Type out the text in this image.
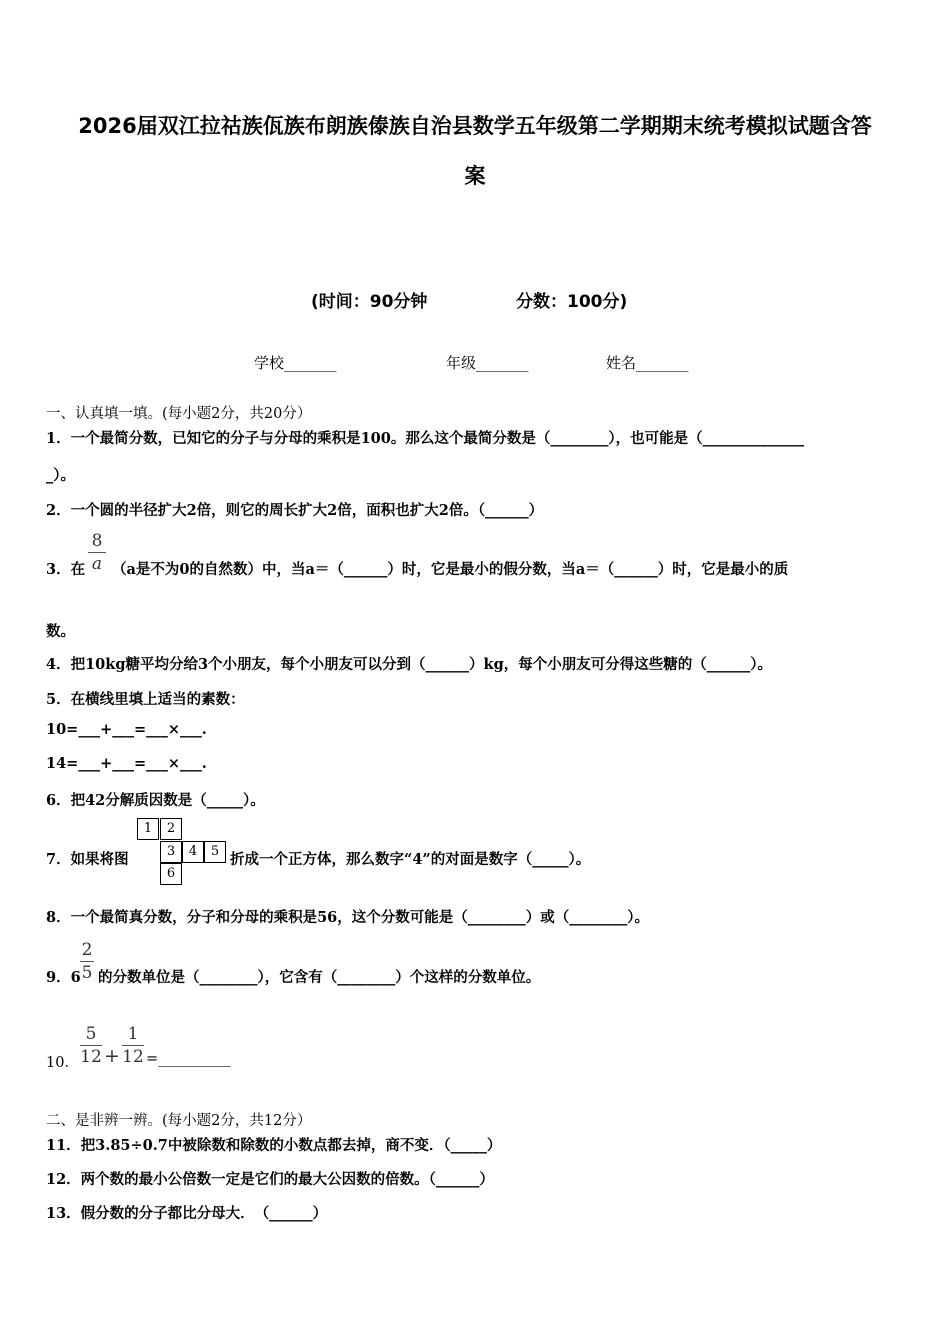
2026届双江拉祜族佤族布朗族傣族自治县数学五年级第二学期期末统考模拟试题含答
案
(时间：90分钟	分数：100分)
学校_______	年级_______	姓名_______
一、认真填一填。(每小题2分，共20分）
1．一个最简分数，已知它的分子与分母的乘积是100。那么这个最简分数是（________），也可能是（______________
_）。
2．一个圆的半径扩大2倍，则它的周长扩大2倍，面积也扩大2倍。（______）
3．在
8
a （a是不为0的自然数）中，当a＝（______）时，它是最小的假分数，当a＝（______）时，它是最小的质
数。
4．把10kg糖平均分给3个小朋友，每个小朋友可以分到（______）kg，每个小朋友可分得这些糖的（______）。
5．在横线里填上适当的素数：
10=___+___=___×___.
14=___+___=___×___.
6．把42分解质因数是（_____）。
7．如果将图
1	2
3	4	5
6
折成一个正方体，那么数字“4”的对面是数字（_____）。
8．一个最简真分数，分子和分母的乘积是56，这个分数可能是（________）或（________）。
9．6
2
5 的分数单位是（________），它含有（________）个这样的分数单位。
10．
5
12 +
1
12 =__________
二、是非辨一辨。(每小题2分，共12分）
11．把3.85÷0.7中被除数和除数的小数点都去掉，商不变．（_____）
12．两个数的最小公倍数一定是它们的最大公因数的倍数。（______）
13．假分数的分子都比分母大．　（______）
